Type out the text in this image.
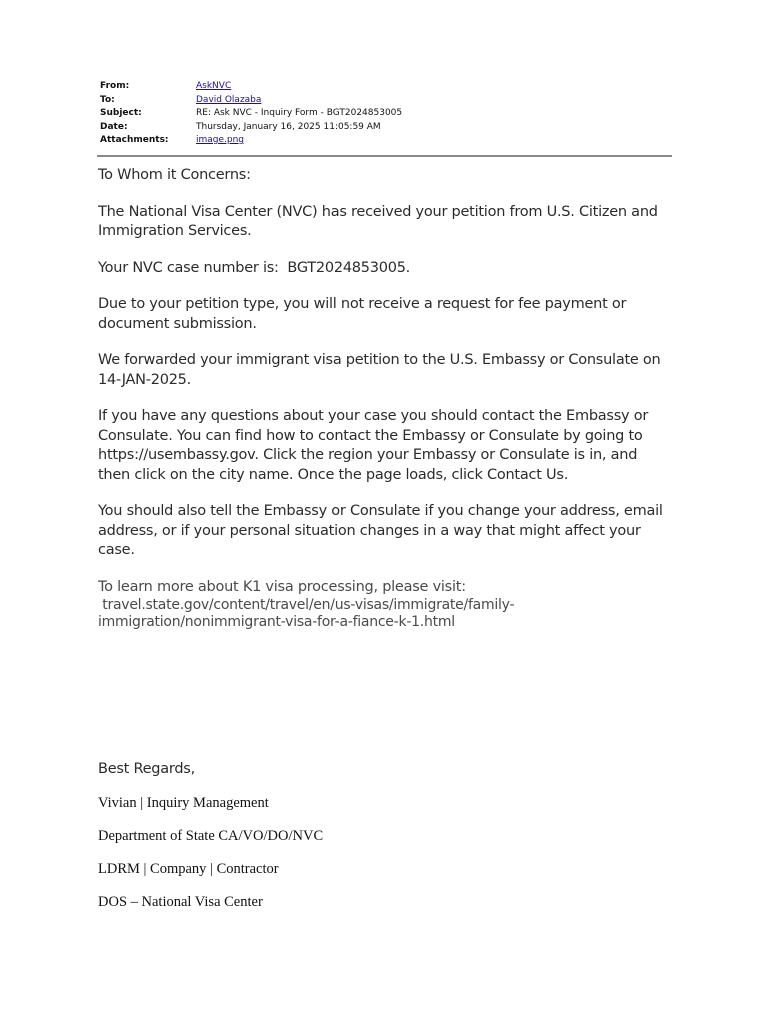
From:	AskNVC
To:	David Olazaba
Subject:	RE: Ask NVC - Inquiry Form - BGT2024853005
Date:	Thursday, January 16, 2025 11:05:59 AM
Attachments:	image.png

To Whom it Concerns:

The National Visa Center (NVC) has received your petition from U.S. Citizen and Immigration Services.

Your NVC case number is:  BGT2024853005.

Due to your petition type, you will not receive a request for fee payment or document submission.

We forwarded your immigrant visa petition to the U.S. Embassy or Consulate on 14-JAN-2025.

If you have any questions about your case you should contact the Embassy or Consulate. You can find how to contact the Embassy or Consulate by going to https://usembassy.gov. Click the region your Embassy or Consulate is in, and then click on the city name. Once the page loads, click Contact Us.

You should also tell the Embassy or Consulate if you change your address, email address, or if your personal situation changes in a way that might affect your case.

To learn more about K1 visa processing, please visit:
travel.state.gov/content/travel/en/us-visas/immigrate/family-immigration/nonimmigrant-visa-for-a-fiance-k-1.html

Best Regards,
Vivian | Inquiry Management
Department of State CA/VO/DO/NVC
LDRM | Company | Contractor
DOS – National Visa Center
